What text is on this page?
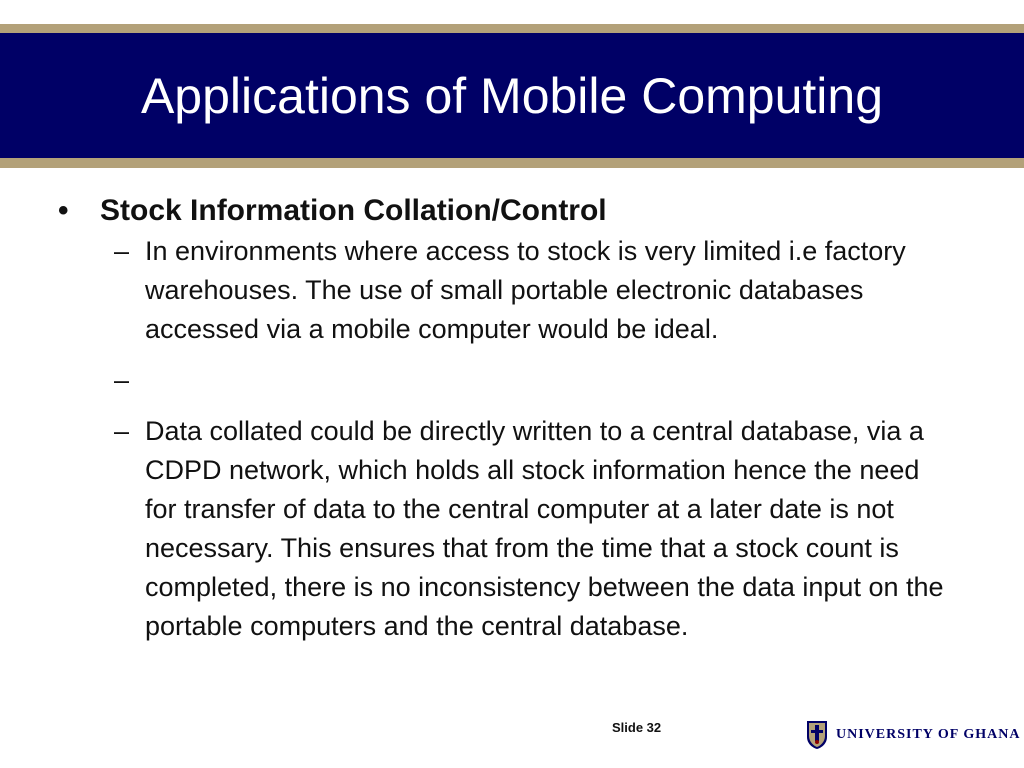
Applications of Mobile Computing
• Stock Information Collation/Control
– In environments where access to stock is very limited i.e factory warehouses. The use of small portable electronic databases accessed via a mobile computer would be ideal.
–
– Data collated could be directly written to a central database, via a CDPD network, which holds all stock information hence the need for transfer of data to the central computer at a later date is not necessary. This ensures that from the time that a stock count is completed, there is no inconsistency between the data input on the portable computers and the central database.
Slide 32	UNIVERSITY OF GHANA
